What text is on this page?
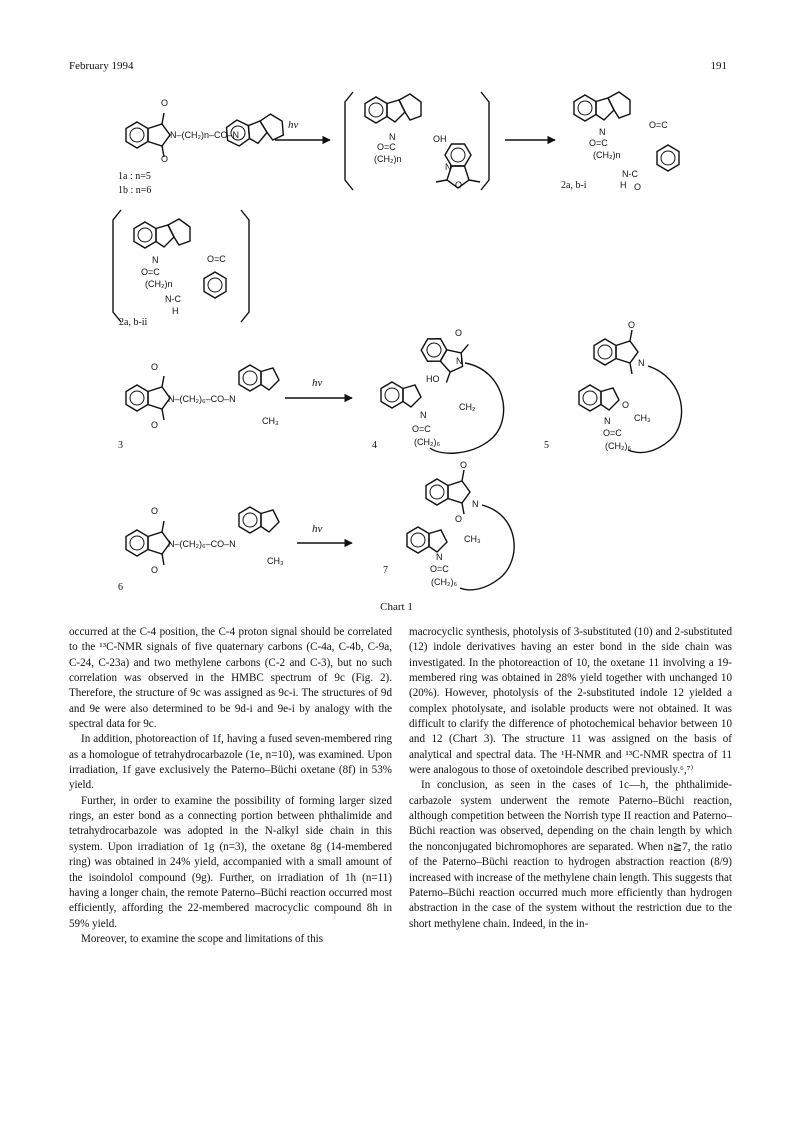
February 1994	191
O
O
N–(CH₂)n–CO–N
hν
1a : n=5
1b : n=6
N
O=C
(CH₂)n
OH
N
O
N
O=C
(CH₂)n
O=C
N-C
H O
2a, b-i
N
O=C
(CH₂)n
O=C
N-C
H
2a, b-ii
O
O
N–(CH₂)₆–CO–N
CH₃
3
hν
O
N
HO
CH₂
N
O=C
(CH₂)₆
4
O
N
O
N	CH₃
O=C
(CH₂)₆
5
O
O
N–(CH₂)₆–CO–N
CH₃
6
hν
O
N
O
CH₃
N
O=C
(CH₂)₆
7
Chart 1

occurred at the C-4 position, the C-4 proton signal should be correlated to the ¹³C-NMR signals of five quaternary carbons (C-4a, C-4b, C-9a, C-24, C-23a) and two methylene carbons (C-2 and C-3), but no such correlation was observed in the HMBC spectrum of 9c (Fig. 2). Therefore, the structure of 9c was assigned as 9c-i. The structures of 9d and 9e were also determined to be 9d-i and 9e-i by analogy with the spectral data for 9c.

In addition, photoreaction of 1f, having a fused seven-membered ring as a homologue of tetrahydrocarbazole (1e, n=10), was examined. Upon irradiation, 1f gave exclusively the Paterno–Büchi oxetane (8f) in 53% yield.

Further, in order to examine the possibility of forming larger sized rings, an ester bond as a connecting portion between phthalimide and tetrahydrocarbazole was adopted in the N-alkyl side chain in this system. Upon irradiation of 1g (n=3), the oxetane 8g (14-membered ring) was obtained in 24% yield, accompanied with a small amount of the isoindolol compound (9g). Further, on irradiation of 1h (n=11) having a longer chain, the remote Paterno–Büchi reaction occurred most efficiently, affording the 22-membered macrocyclic compound 8h in 59% yield.

Moreover, to examine the scope and limitations of this

macrocyclic synthesis, photolysis of 3-substituted (10) and 2-substituted (12) indole derivatives having an ester bond in the side chain was investigated. In the photoreaction of 10, the oxetane 11 involving a 19-membered ring was obtained in 28% yield together with unchanged 10 (20%). However, photolysis of the 2-substituted indole 12 yielded a complex photolysate, and isolable products were not obtained. It was difficult to clarify the difference of photochemical behavior between 10 and 12 (Chart 3). The structure 11 was assigned on the basis of analytical and spectral data. The ¹H-NMR and ¹³C-NMR spectra of 11 were analogous to those of oxetoindole described previously.⁶,⁷⁾

In conclusion, as seen in the cases of 1c—h, the phthalimide-carbazole system underwent the remote Paterno–Büchi reaction, although competition between the Norrish type II reaction and Paterno–Büchi reaction was observed, depending on the chain length by which the nonconjugated bichromophores are separated. When n≧7, the ratio of the Paterno–Büchi reaction to hydrogen abstraction reaction (8/9) increased with increase of the methylene chain length. This suggests that Paterno–Büchi reaction occurred much more efficiently than hydrogen abstraction in the case of the system without the restriction due to the short methylene chain. Indeed, in the in-
